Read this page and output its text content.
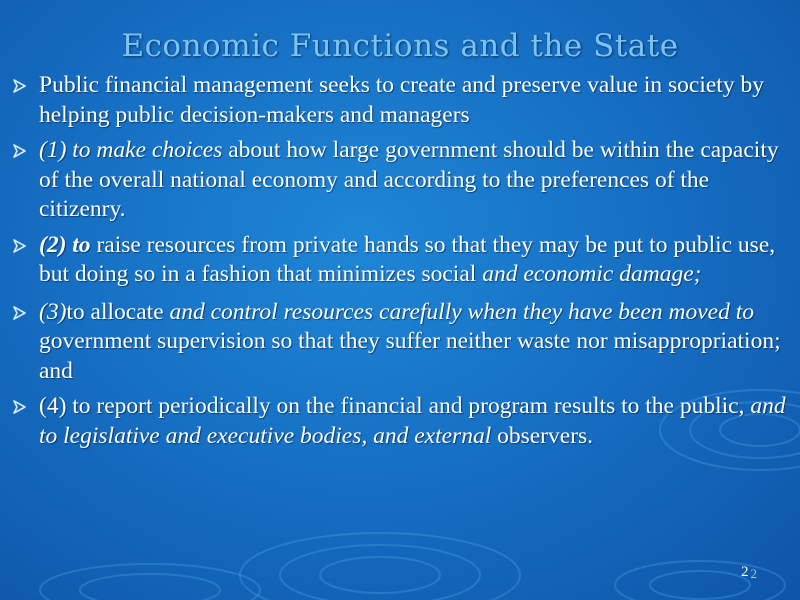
Economic Functions and the State
Public financial management seeks to create and preserve value in society by helping public decision-makers and managers
(1) to make choices about how large government should be within the capacity of the overall national economy and according to the preferences of the citizenry.
(2) to raise resources from private hands so that they may be put to public use, but doing so in a fashion that minimizes social and economic damage;
(3)to allocate and control resources carefully when they have been moved to government supervision so that they suffer neither waste nor misappropriation; and
(4) to report periodically on the financial and program results to the public, and to legislative and executive bodies, and external observers.
2 2
